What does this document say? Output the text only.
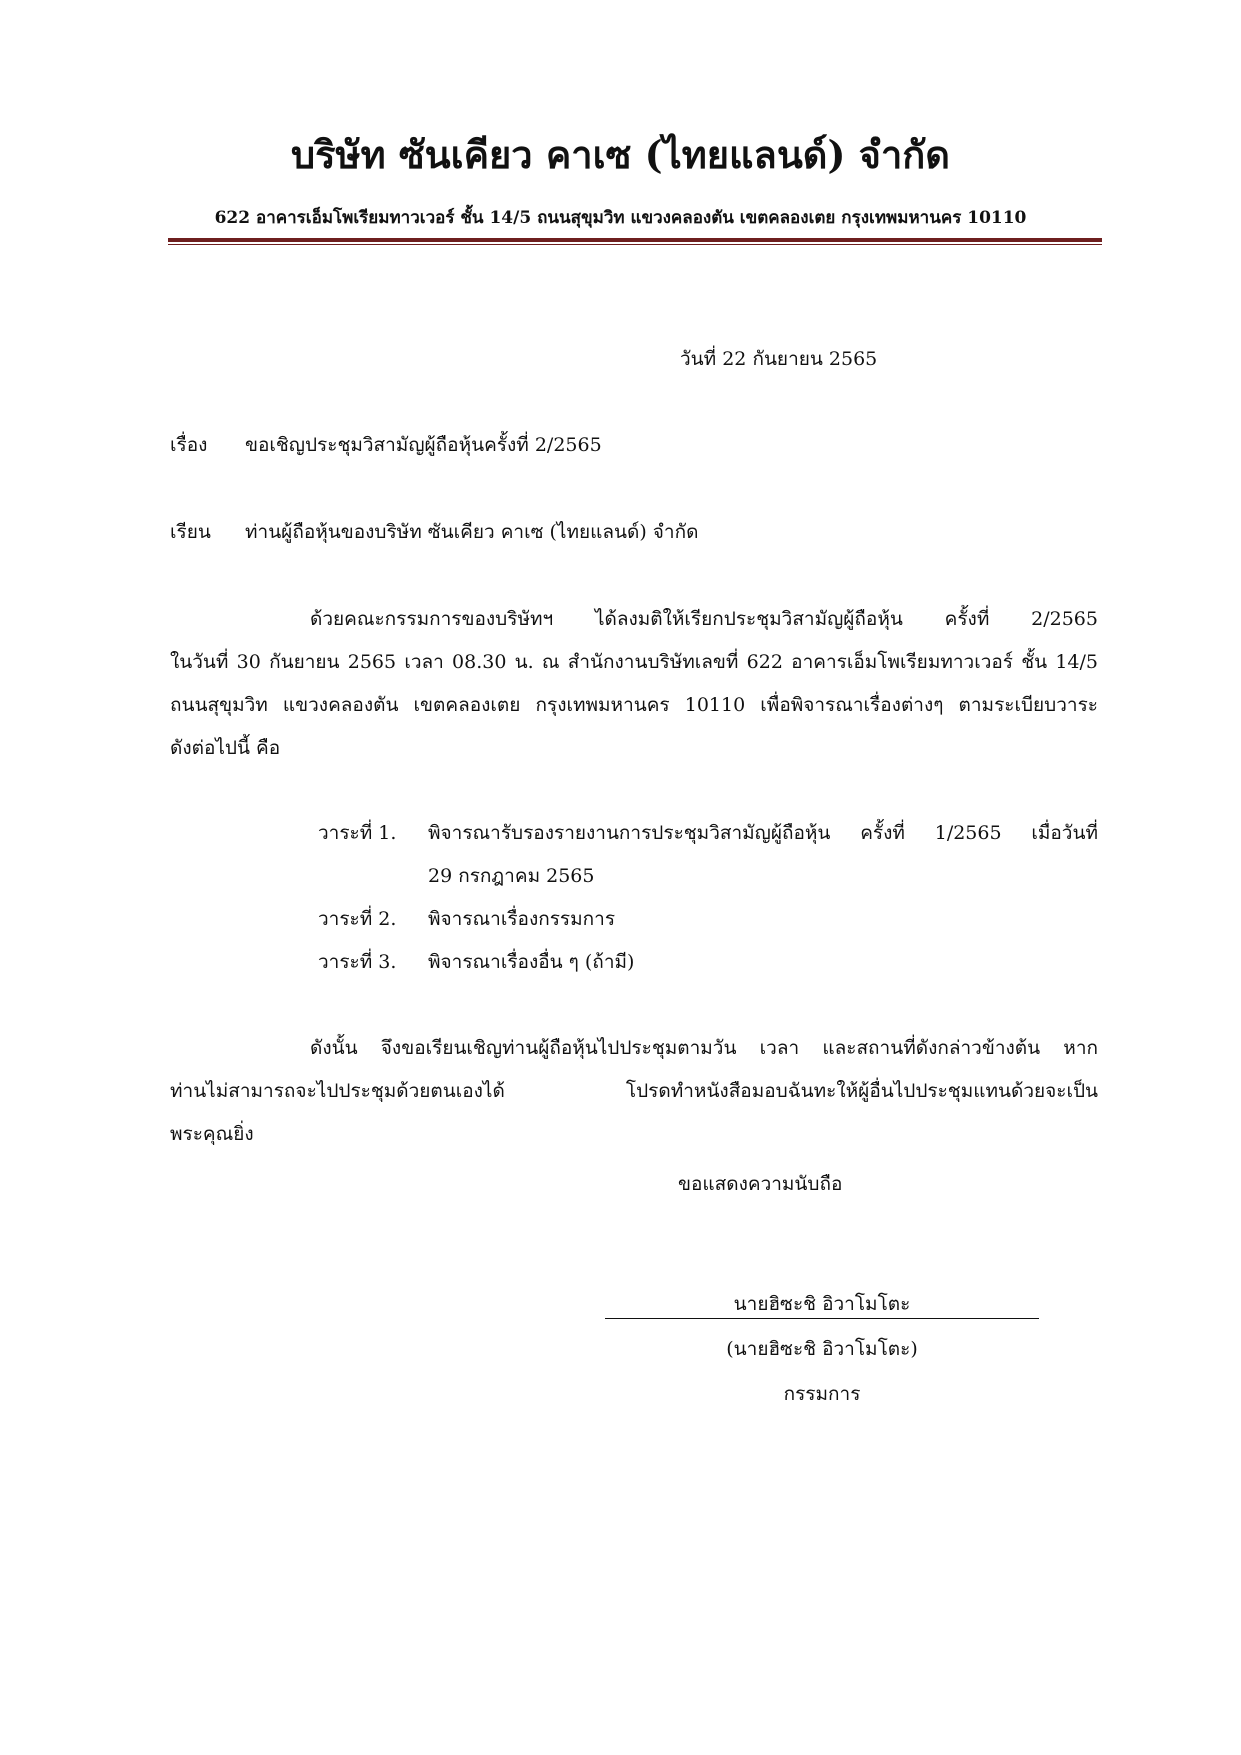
บริษัท ซันเคียว คาเซ (ไทยแลนด์) จำกัด
622 อาคารเอ็มโพเรียมทาวเวอร์ ชั้น 14/5 ถนนสุขุมวิท แขวงคลองตัน เขตคลองเตย กรุงเทพมหานคร 10110
วันที่ 22 กันยายน 2565
เรื่อง ขอเชิญประชุมวิสามัญผู้ถือหุ้นครั้งที่ 2/2565
เรียน ท่านผู้ถือหุ้นของบริษัท ซันเคียว คาเซ (ไทยแลนด์) จำกัด
ด้วยคณะกรรมการของบริษัทฯ ได้ลงมติให้เรียกประชุมวิสามัญผู้ถือหุ้น ครั้งที่ 2/2565
ในวันที่ 30 กันยายน 2565 เวลา 08.30 น. ณ สำนักงานบริษัทเลขที่ 622 อาคารเอ็มโพเรียมทาวเวอร์ ชั้น 14/5
ถนนสุขุมวิท แขวงคลองตัน เขตคลองเตย กรุงเทพมหานคร 10110 เพื่อพิจารณาเรื่องต่างๆ ตามระเบียบวาระ
ดังต่อไปนี้ คือ
วาระที่ 1.	พิจารณารับรองรายงานการประชุมวิสามัญผู้ถือหุ้น ครั้งที่ 1/2565 เมื่อวันที่
29 กรกฎาคม 2565
วาระที่ 2.	พิจารณาเรื่องกรรมการ
วาระที่ 3.	พิจารณาเรื่องอื่น ๆ (ถ้ามี)
ดังนั้น จึงขอเรียนเชิญท่านผู้ถือหุ้นไปประชุมตามวัน เวลา และสถานที่ดังกล่าวข้างต้น หาก
ท่านไม่สามารถจะไปประชุมด้วยตนเองได้ โปรดทำหนังสือมอบฉันทะให้ผู้อื่นไปประชุมแทนด้วยจะเป็น
พระคุณยิ่ง
ขอแสดงความนับถือ
นายฮิซะชิ อิวาโมโตะ
(นายฮิซะชิ อิวาโมโตะ)
กรรมการ
